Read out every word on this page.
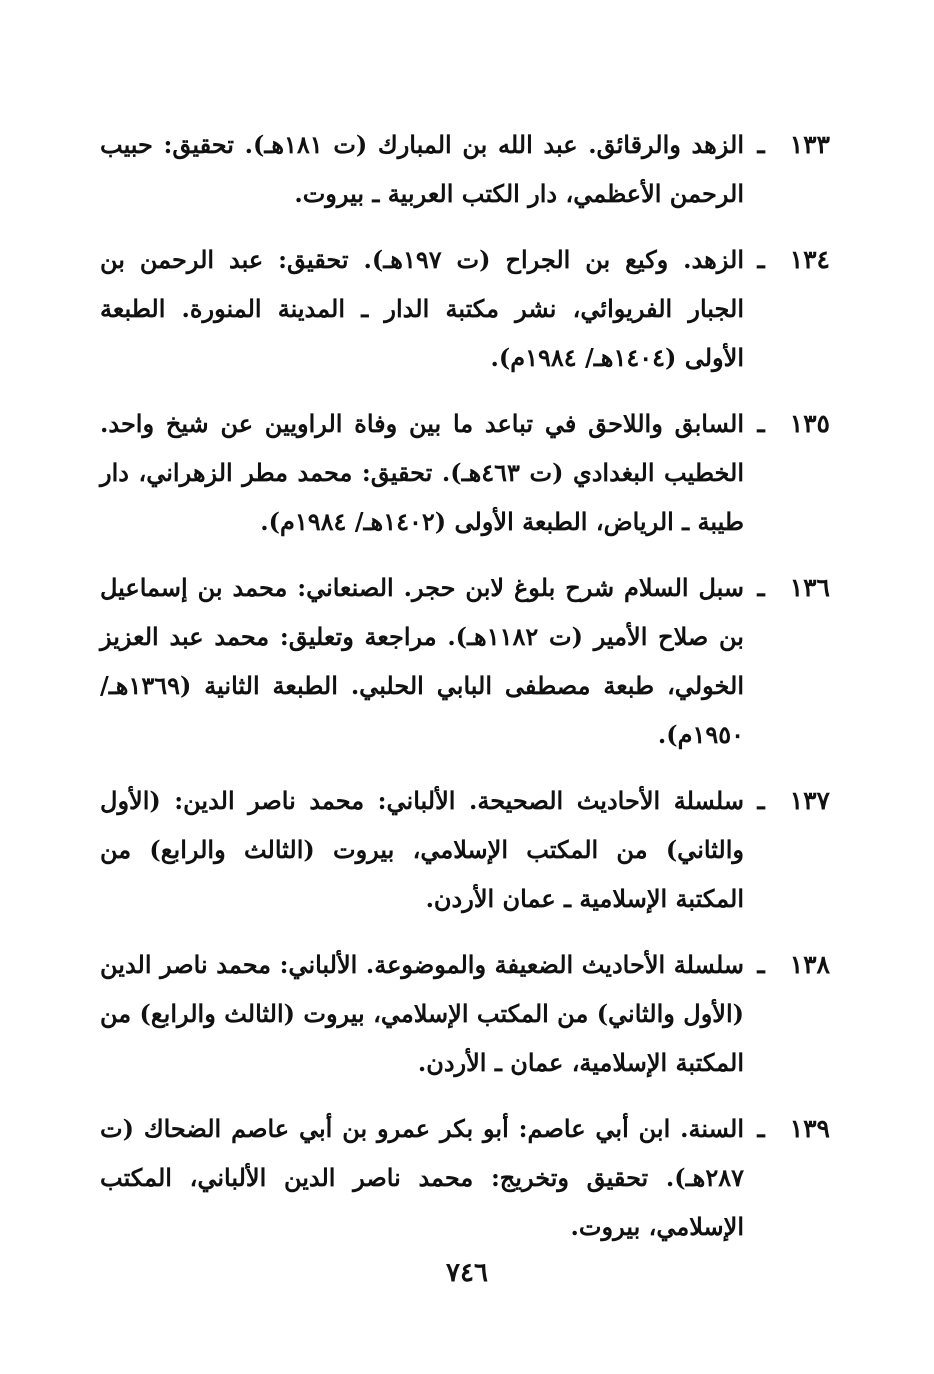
١٣٣
ـ
الزهد والرقائق. عبد الله بن المبارك (ت ١٨١هـ). تحقيق: حبيب الرحمن الأعظمي، دار الكتب العربية ـ بيروت.
١٣٤
ـ
الزهد. وكيع بن الجراح (ت ١٩٧هـ). تحقيق: عبد الرحمن بن الجبار الفريوائي، نشر مكتبة الدار ـ المدينة المنورة. الطبعة الأولى (١٤٠٤هـ/ ١٩٨٤م).
١٣٥
ـ
السابق واللاحق في تباعد ما بين وفاة الراويين عن شيخ واحد. الخطيب البغدادي (ت ٤٦٣هـ). تحقيق: محمد مطر الزهراني، دار طيبة ـ الرياض، الطبعة الأولى (١٤٠٢هـ/ ١٩٨٤م).
١٣٦
ـ
سبل السلام شرح بلوغ لابن حجر. الصنعاني: محمد بن إسماعيل بن صلاح الأمير (ت ١١٨٢هـ). مراجعة وتعليق: محمد عبد العزيز الخولي، طبعة مصطفى البابي الحلبي. الطبعة الثانية (١٣٦٩هـ/ ١٩٥٠م).
١٣٧
ـ
سلسلة الأحاديث الصحيحة. الألباني: محمد ناصر الدين: (الأول والثاني) من المكتب الإسلامي، بيروت (الثالث والرابع) من المكتبة الإسلامية ـ عمان الأردن.
١٣٨
ـ
سلسلة الأحاديث الضعيفة والموضوعة. الألباني: محمد ناصر الدين (الأول والثاني) من المكتب الإسلامي، بيروت (الثالث والرابع) من المكتبة الإسلامية، عمان ـ الأردن.
١٣٩
ـ
السنة. ابن أبي عاصم: أبو بكر عمرو بن أبي عاصم الضحاك (ت ٢٨٧هـ). تحقيق وتخريج: محمد ناصر الدين الألباني، المكتب الإسلامي، بيروت.
٧٤٦
